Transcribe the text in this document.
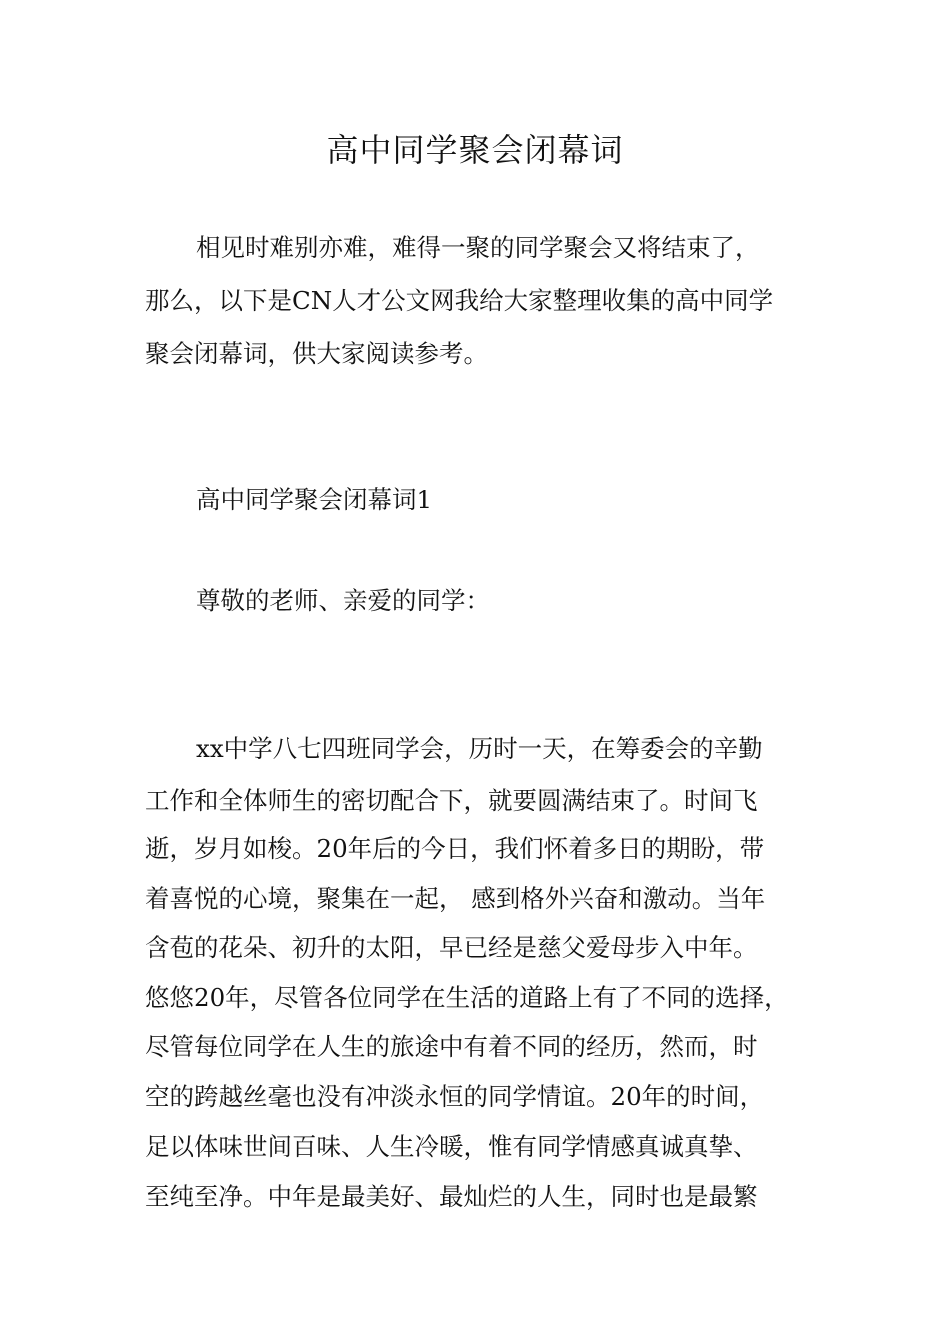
高中同学聚会闭幕词

相见时难别亦难，难得一聚的同学聚会又将结束了，

那么，以下是CN人才公文网我给大家整理收集的高中同学

聚会闭幕词，供大家阅读参考。

高中同学聚会闭幕词1

尊敬的老师、亲爱的同学：

xx中学八七四班同学会，历时一天，在筹委会的辛勤

工作和全体师生的密切配合下，就要圆满结束了。时间飞

逝，岁月如梭。20年后的今日，我们怀着多日的期盼，带

着喜悦的心境，聚集在一起， 感到格外兴奋和激动。当年

含苞的花朵、初升的太阳，早已经是慈父爱母步入中年。

悠悠20年，尽管各位同学在生活的道路上有了不同的选择，

尽管每位同学在人生的旅途中有着不同的经历，然而，时

空的跨越丝毫也没有冲淡永恒的同学情谊。20年的时间，

足以体味世间百味、人生冷暖，惟有同学情感真诚真挚、

至纯至净。中年是最美好、最灿烂的人生，同时也是最繁
